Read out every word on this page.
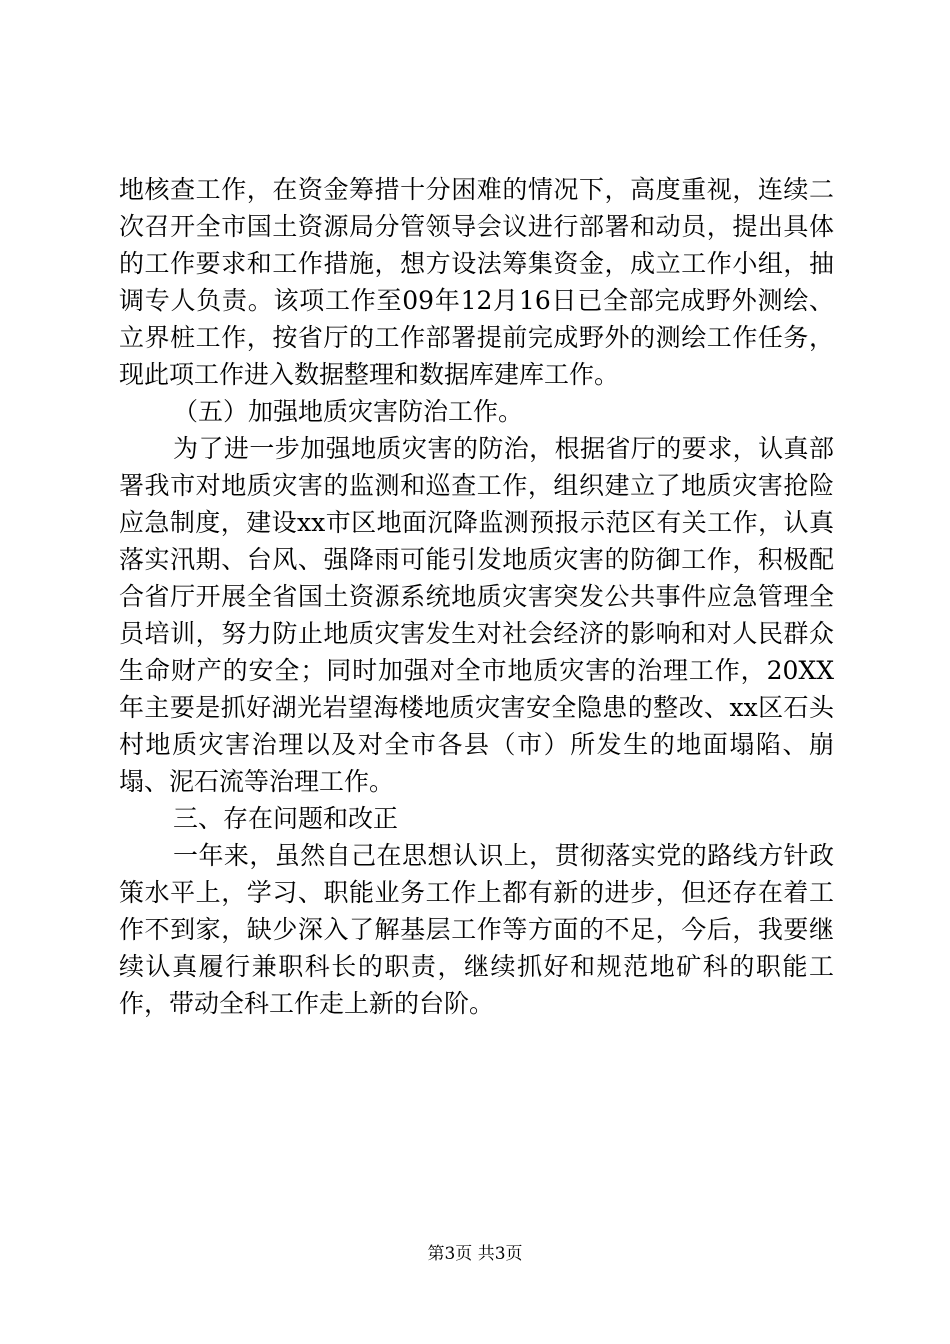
地核查工作，在资金筹措十分困难的情况下，高度重视，连续二次召开全市国土资源局分管领导会议进行部署和动员，提出具体的工作要求和工作措施，想方设法筹集资金，成立工作小组，抽调专人负责。该项工作至09年12月16日已全部完成野外测绘、立界桩工作，按省厅的工作部署提前完成野外的测绘工作任务，现此项工作进入数据整理和数据库建库工作。

（五）加强地质灾害防治工作。

为了进一步加强地质灾害的防治，根据省厅的要求，认真部署我市对地质灾害的监测和巡查工作，组织建立了地质灾害抢险应急制度，建设xx市区地面沉降监测预报示范区有关工作，认真落实汛期、台风、强降雨可能引发地质灾害的防御工作，积极配合省厅开展全省国土资源系统地质灾害突发公共事件应急管理全员培训，努力防止地质灾害发生对社会经济的影响和对人民群众生命财产的安全；同时加强对全市地质灾害的治理工作，20XX年主要是抓好湖光岩望海楼地质灾害安全隐患的整改、xx区石头村地质灾害治理以及对全市各县（市）所发生的地面塌陷、崩塌、泥石流等治理工作。

三、存在问题和改正

一年来，虽然自己在思想认识上，贯彻落实党的路线方针政策水平上，学习、职能业务工作上都有新的进步，但还存在着工作不到家，缺少深入了解基层工作等方面的不足，今后，我要继续认真履行兼职科长的职责，继续抓好和规范地矿科的职能工作，带动全科工作走上新的台阶。

第3页 共3页
